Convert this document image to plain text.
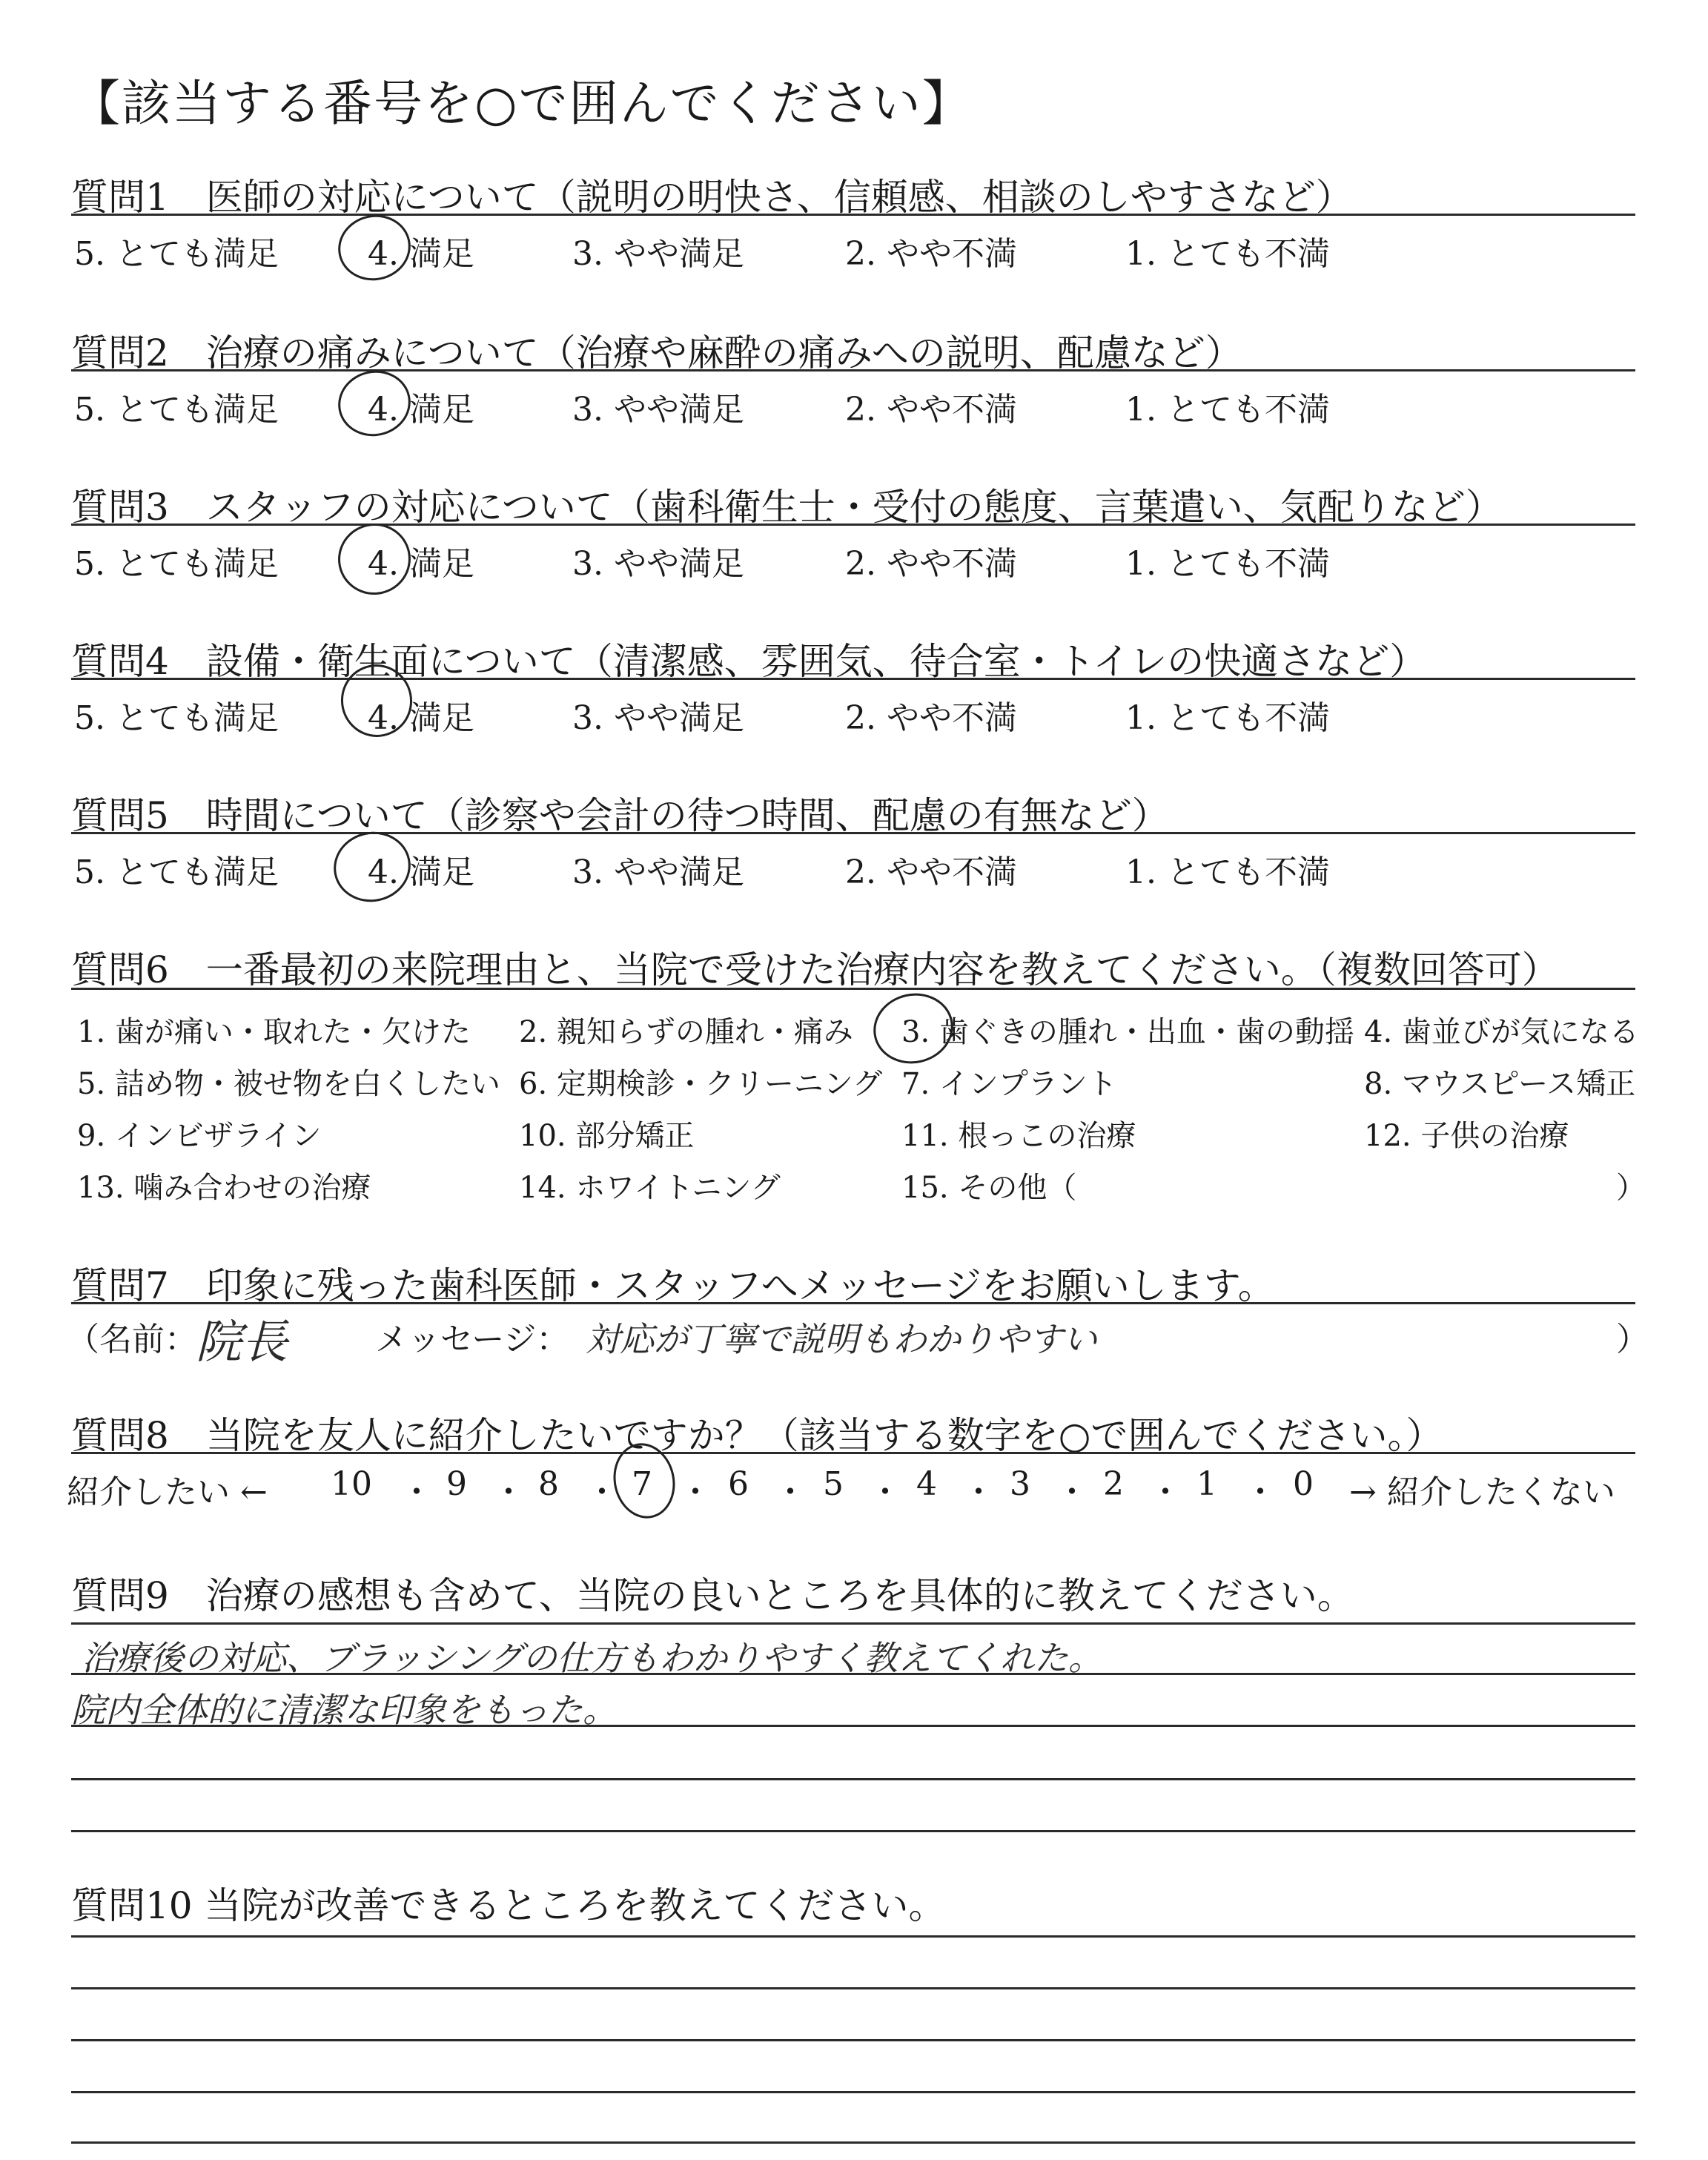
【該当する番号を○で囲んでください】
質問1　医師の対応について（説明の明快さ、信頼感、相談のしやすさなど）
5. とても満足	4. 満足	3. やや満足	2. やや不満	1. とても不満
質問2　治療の痛みについて（治療や麻酔の痛みへの説明、配慮など）
5. とても満足	4. 満足	3. やや満足	2. やや不満	1. とても不満
質問3　スタッフの対応について（歯科衛生士・受付の態度、言葉遣い、気配りなど）
5. とても満足	4. 満足	3. やや満足	2. やや不満	1. とても不満
質問4　設備・衛生面について（清潔感、雰囲気、待合室・トイレの快適さなど）
5. とても満足	4. 満足	3. やや満足	2. やや不満	1. とても不満
質問5　時間について（診察や会計の待つ時間、配慮の有無など）
5. とても満足	4. 満足	3. やや満足	2. やや不満	1. とても不満
質問6　一番最初の来院理由と、当院で受けた治療内容を教えてください。（複数回答可）
1. 歯が痛い・取れた・欠けた 2. 親知らずの腫れ・痛み 3. 歯ぐきの腫れ・出血・歯の動揺 4. 歯並びが気になる
5. 詰め物・被せ物を白くしたい 6. 定期検診・クリーニング 7. インプラント	8. マウスピース矯正
9. インビザライン	10. 部分矯正	11. 根っこの治療	12. 子供の治療
13. 噛み合わせの治療	14. ホワイトニング	15. その他（	）
質問7　印象に残った歯科医師・スタッフへメッセージをお願いします。
（名前：
院長	メッセージ： 対応が丁寧で説明もわかりやすい	）
質問8　当院を友人に紹介したいですか？（該当する数字を○で囲んでください。）
紹介したい ← 10 9 8 7 6 5 4 3 2 1 0
・ ・ ・ ・ ・ ・ ・ ・ ・ ・ → 紹介したくない
質問9　治療の感想も含めて、当院の良いところを具体的に教えてください。
治療後の対応、ブラッシングの仕方もわかりやすく教えてくれた。
院内全体的に清潔な印象をもった。
質問10 当院が改善できるところを教えてください。
